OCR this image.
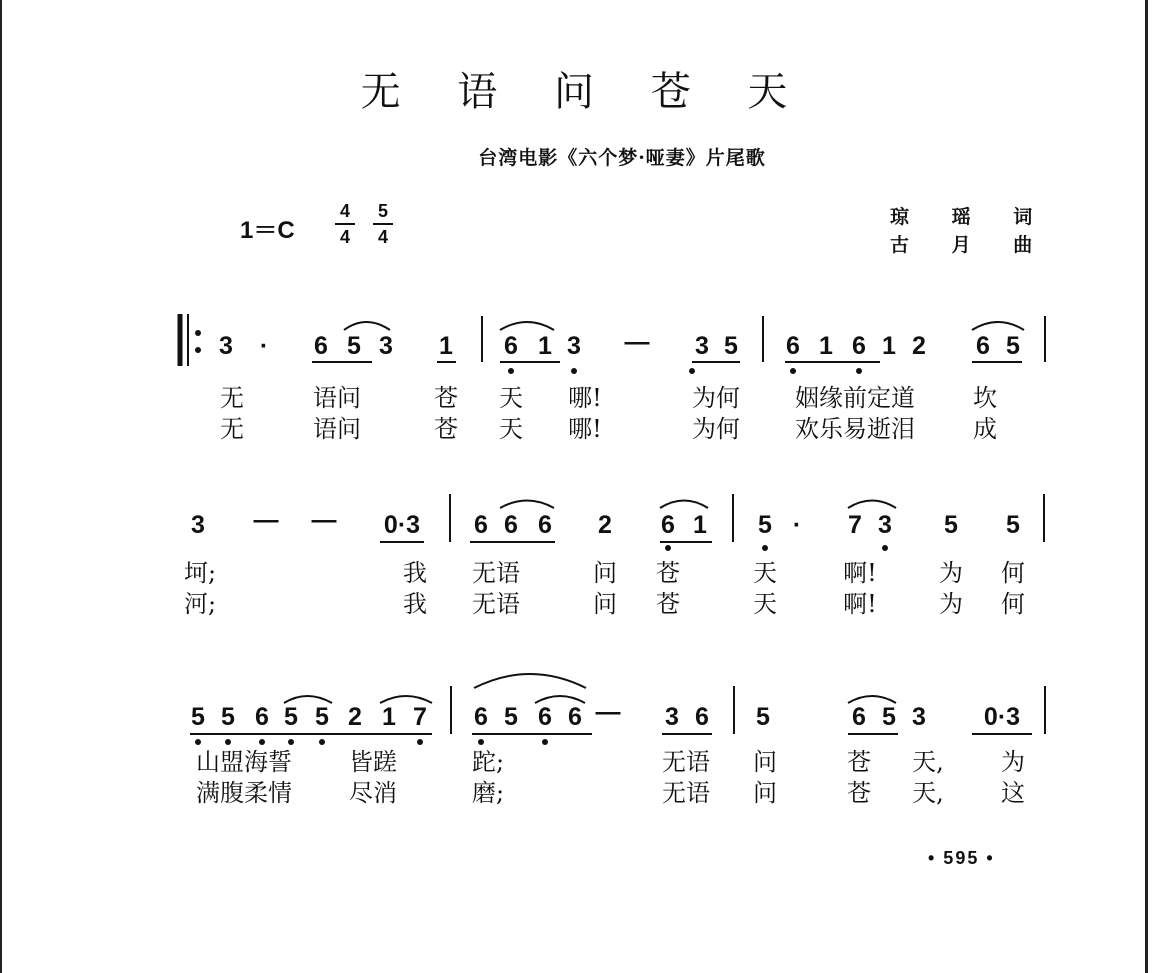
无 语 问 苍 天
台湾电影《六个梦·哑妻》片尾歌
1＝C
4
4
5
4
琼 瑶 词
古 月 曲
3 · 6 5 3 1 6 1 3 — 3 5 6 1 6 1 2 6 5
无	语问	苍 天 哪!	为何 姻缘前定道 坎
无	语问	苍 天 哪!	为何 欢乐易逝泪 成
3 — — 0·3 6 6 6 2 6 1 5 · 7 3 5 5
坷;	我 无语	问 苍	天	啊!	为 何
河;	我 无语	问 苍	天	啊!	为 何
5 5 6 5 5 2 1 7 6 5 6 6 — 3 6 5	6 5 3 0·3
山盟海誓 皆蹉	跎;	无语 问	苍 天, 为
满腹柔情 尽消	磨;	无语 问	苍 天, 这
• 595 •
